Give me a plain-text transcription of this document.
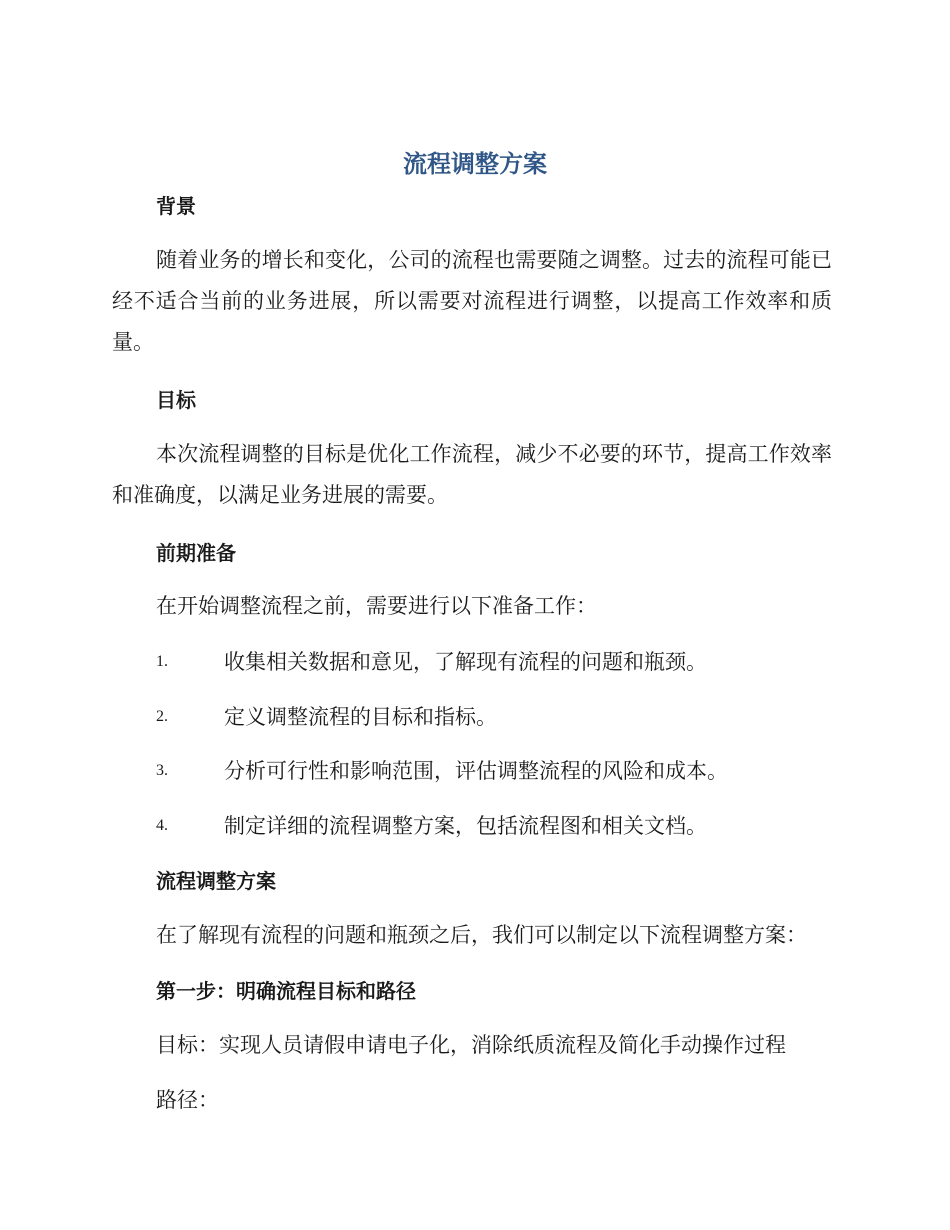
流程调整方案
背景

随着业务的增长和变化，公司的流程也需要随之调整。过去的流程可能已经不适合当前的业务进展，所以需要对流程进行调整，以提高工作效率和质量。

目标

本次流程调整的目标是优化工作流程，减少不必要的环节，提高工作效率和准确度，以满足业务进展的需要。

前期准备
在开始调整流程之前，需要进行以下准备工作：
1.	收集相关数据和意见，了解现有流程的问题和瓶颈。
2.	定义调整流程的目标和指标。
3.	分析可行性和影响范围，评估调整流程的风险和成本。
4.	制定详细的流程调整方案，包括流程图和相关文档。
流程调整方案
在了解现有流程的问题和瓶颈之后，我们可以制定以下流程调整方案：
第一步：明确流程目标和路径
目标：实现人员请假申请电子化，消除纸质流程及简化手动操作过程
路径：
